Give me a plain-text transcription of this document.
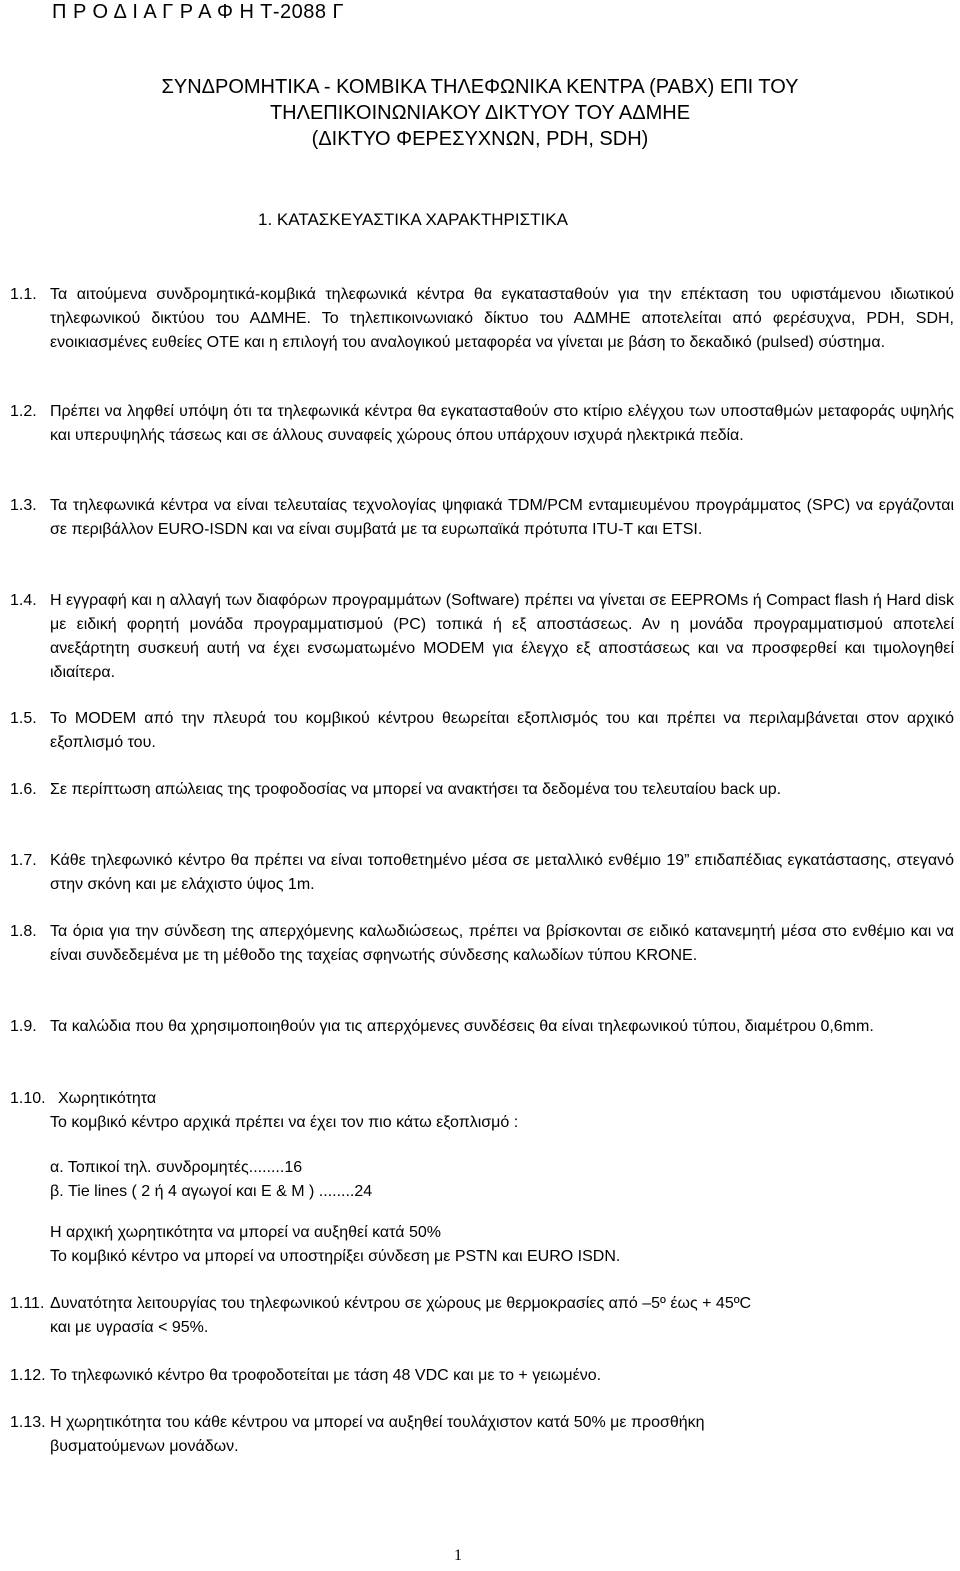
Π Ρ Ο Δ Ι Α Γ Ρ Α Φ Η Τ-2088 Γ
ΣΥΝΔΡΟΜΗΤΙΚΑ - ΚΟΜΒΙΚΑ ΤΗΛΕΦΩΝΙΚΑ ΚΕΝΤΡΑ (PABX) ΕΠΙ ΤΟΥ
ΤΗΛΕΠΙΚΟΙΝΩΝΙΑΚΟΥ ΔΙΚΤΥΟΥ ΤΟΥ ΑΔΜΗΕ
(ΔΙΚΤΥΟ ΦΕΡΕΣΥΧΝΩΝ, PDH, SDH)
1. ΚΑΤΑΣΚΕΥΑΣΤΙΚΑ ΧΑΡΑΚΤΗΡΙΣΤΙΚΑ
1.1. Τα αιτούμενα συνδρομητικά-κομβικά τηλεφωνικά κέντρα θα εγκατασταθούν για την επέκταση του υφιστάμενου ιδιωτικού τηλεφωνικού δικτύου του ΑΔΜΗΕ. Το τηλεπικοινωνιακό δίκτυο του ΑΔΜΗΕ αποτελείται από φερέσυχνα, PDH, SDH, ενοικιασμένες ευθείες ΟΤΕ και η επιλογή του αναλογικού μεταφορέα να γίνεται με βάση το δεκαδικό (pulsed) σύστημα.
1.2. Πρέπει να ληφθεί υπόψη ότι τα τηλεφωνικά κέντρα θα εγκατασταθούν στο κτίριο ελέγχου των υποσταθμών μεταφοράς υψηλής και υπερυψηλής τάσεως και σε άλλους συναφείς χώρους όπου υπάρχουν ισχυρά ηλεκτρικά πεδία.
1.3. Τα τηλεφωνικά κέντρα να είναι τελευταίας τεχνολογίας ψηφιακά TDM/PCM ενταμιευμένου προγράμματος (SPC) να εργάζονται σε περιβάλλον EURO-ISDN και να είναι συμβατά με τα ευρωπαϊκά πρότυπα ITU-T και ETSI.
1.4. Η εγγραφή και η αλλαγή των διαφόρων προγραμμάτων (Software) πρέπει να γίνεται σε EEPROMs ή Compact flash ή Hard disk με ειδική φορητή μονάδα προγραμματισμού (PC) τοπικά ή εξ αποστάσεως. Αν η μονάδα προγραμματισμού αποτελεί ανεξάρτητη συσκευή αυτή να έχει ενσωματωμένο MODEM για έλεγχο εξ αποστάσεως και να προσφερθεί και τιμολογηθεί ιδιαίτερα.
1.5. Το MODEM από την πλευρά του κομβικού κέντρου θεωρείται εξοπλισμός του και πρέπει να περιλαμβάνεται στον αρχικό εξοπλισμό του.
1.6. Σε περίπτωση απώλειας της τροφοδοσίας να μπορεί να ανακτήσει τα δεδομένα του τελευταίου back up.
1.7. Κάθε τηλεφωνικό κέντρο θα πρέπει να είναι τοποθετημένο μέσα σε μεταλλικό ενθέμιο 19” επιδαπέδιας εγκατάστασης, στεγανό στην σκόνη και με ελάχιστο ύψος 1m.
1.8. Τα όρια για την σύνδεση της απερχόμενης καλωδιώσεως, πρέπει να βρίσκονται σε ειδικό κατανεμητή μέσα στο ενθέμιο και να είναι συνδεδεμένα με τη μέθοδο της ταχείας σφηνωτής σύνδεσης καλωδίων τύπου KRONE.
1.9. Τα καλώδια που θα χρησιμοποιηθούν για τις απερχόμενες συνδέσεις θα είναι τηλεφωνικού τύπου, διαμέτρου 0,6mm.
1.10. Χωρητικότητα
Το κομβικό κέντρο αρχικά πρέπει να έχει τον πιο κάτω εξοπλισμό :
α. Τοπικοί τηλ. συνδρομητές........16
β. Tie lines ( 2 ή 4 αγωγοί και E & M ) ........24
Η αρχική χωρητικότητα να μπορεί να αυξηθεί κατά 50%
Το κομβικό κέντρο να μπορεί να υποστηρίξει σύνδεση με PSTN και EURO ISDN.
1.11. Δυνατότητα λειτουργίας του τηλεφωνικού κέντρου σε χώρους με θερμοκρασίες από –5º έως + 45ºC
και με υγρασία < 95%.
1.12. Το τηλεφωνικό κέντρο θα τροφοδοτείται με τάση 48 VDC και με το + γειωμένο.
1.13. Η χωρητικότητα του κάθε κέντρου να μπορεί να αυξηθεί τουλάχιστον κατά 50% με προσθήκη
βυσματούμενων μονάδων.
1
